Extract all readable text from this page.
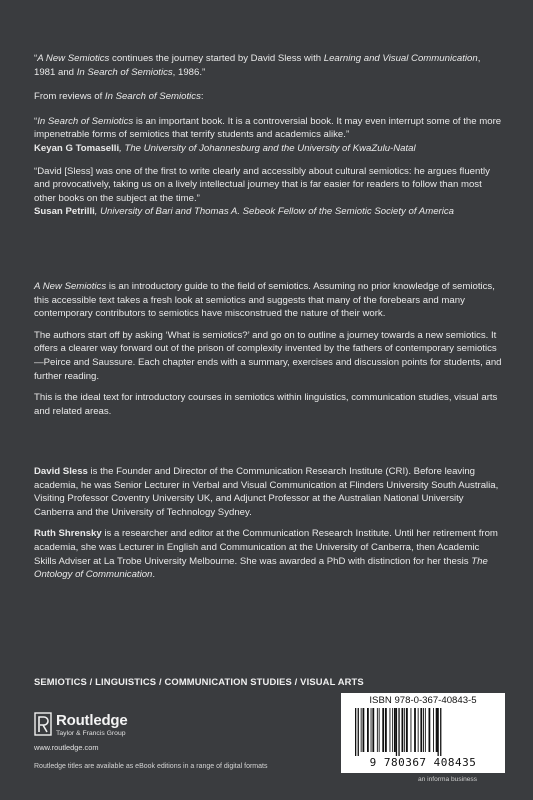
“A New Semiotics continues the journey started by David Sless with Learning and Visual Communication, 1981 and In Search of Semiotics, 1986.”

From reviews of In Search of Semiotics:

“In Search of Semiotics is an important book. It is a controversial book. It may even interrupt some of the more impenetrable forms of semiotics that terrify students and academics alike.”

Keyan G Tomaselli, The University of Johannesburg and the University of KwaZulu-Natal

“David [Sless] was one of the first to write clearly and accessibly about cultural semiotics: he argues fluently and provocatively, taking us on a lively intellectual journey that is far easier for readers to follow than most other books on the subject at the time.”

Susan Petrilli, University of Bari and Thomas A. Sebeok Fellow of the Semiotic Society of America

A New Semiotics is an introductory guide to the field of semiotics. Assuming no prior knowledge of semiotics, this accessible text takes a fresh look at semiotics and suggests that many of the forebears and many contemporary contributors to semiotics have misconstrued the nature of their work.

The authors start off by asking ‘What is semiotics?’ and go on to outline a journey towards a new semiotics. It offers a clearer way forward out of the prison of complexity invented by the fathers of contemporary semiotics—Peirce and Saussure. Each chapter ends with a summary, exercises and discussion points for students, and further reading.

This is the ideal text for introductory courses in semiotics within linguistics, communication studies, visual arts and related areas.

David Sless is the Founder and Director of the Communication Research Institute (CRI). Before leaving academia, he was Senior Lecturer in Verbal and Visual Communication at Flinders University South Australia, Visiting Professor Coventry University UK, and Adjunct Professor at the Australian National University Canberra and the University of Technology Sydney.

Ruth Shrensky is a researcher and editor at the Communication Research Institute. Until her retirement from academia, she was Lecturer in English and Communication at the University of Canberra, then Academic Skills Adviser at La Trobe University Melbourne. She was awarded a PhD with distinction for her thesis The Ontology of Communication.

SEMIOTICS / LINGUISTICS / COMMUNICATION STUDIES / VISUAL ARTS
Routledge
Taylor & Francis Group
www.routledge.com
Routledge titles are available as eBook editions in a range of digital formats
ISBN 978-0-367-40843-5
9 780367 408435
an informa business
